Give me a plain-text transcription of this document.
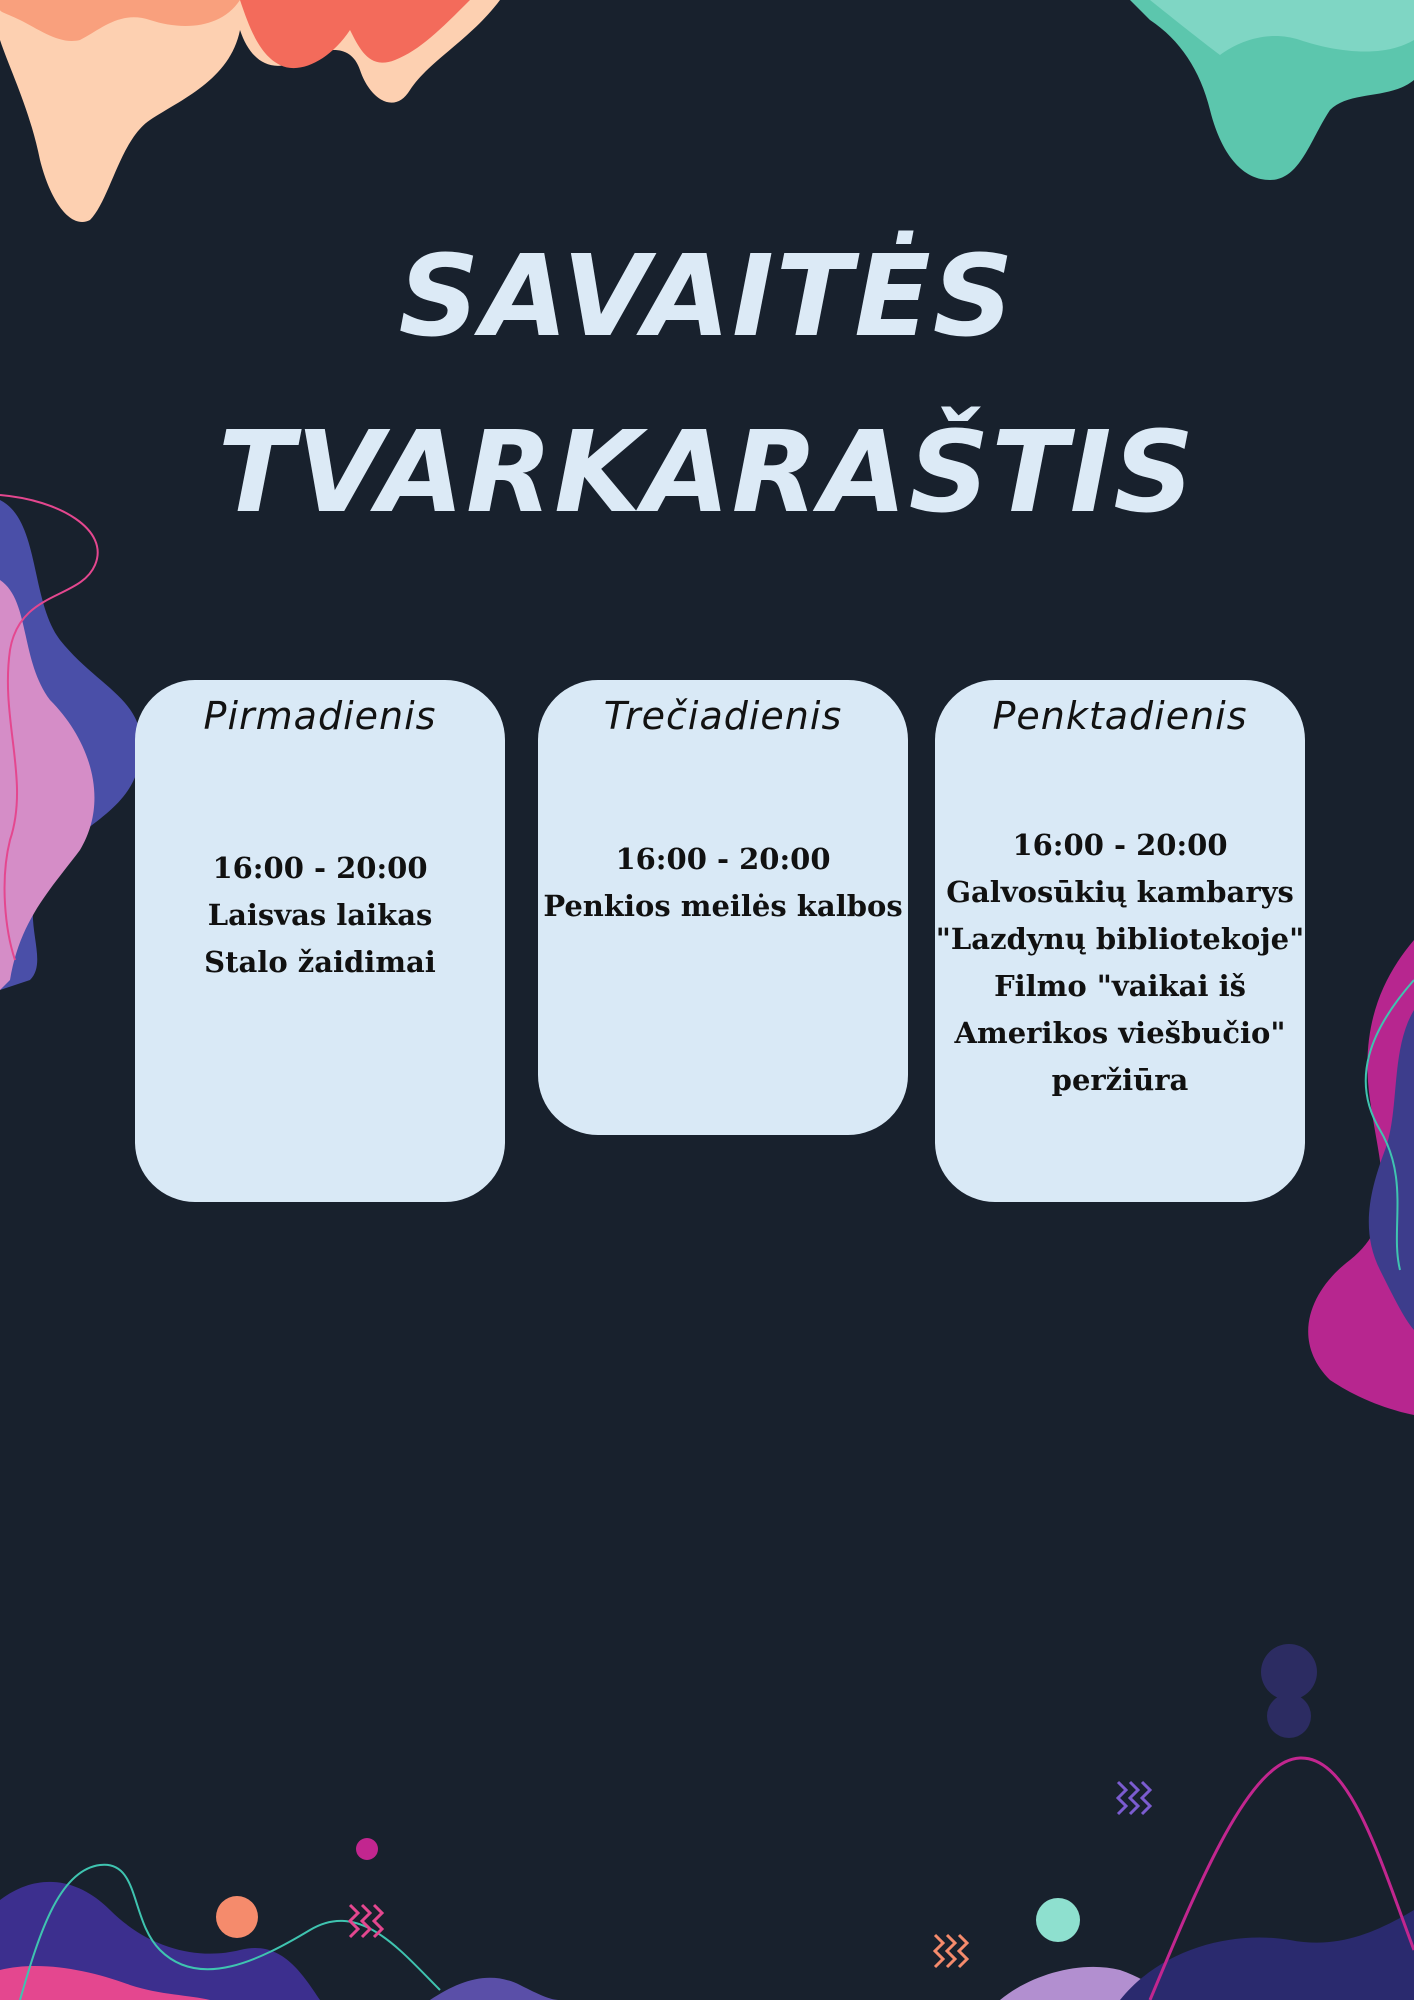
SAVAITĖS
TVARKARAŠTIS
Pirmadienis
16:00 - 20:00
Laisvas laikas
Stalo žaidimai
Trečiadienis
16:00 - 20:00
Penkios meilės kalbos
Penktadienis
16:00 - 20:00
Galvosūkių kambarys
"Lazdynų bibliotekoje"
Filmo "vaikai iš
Amerikos viešbučio"
peržiūra
